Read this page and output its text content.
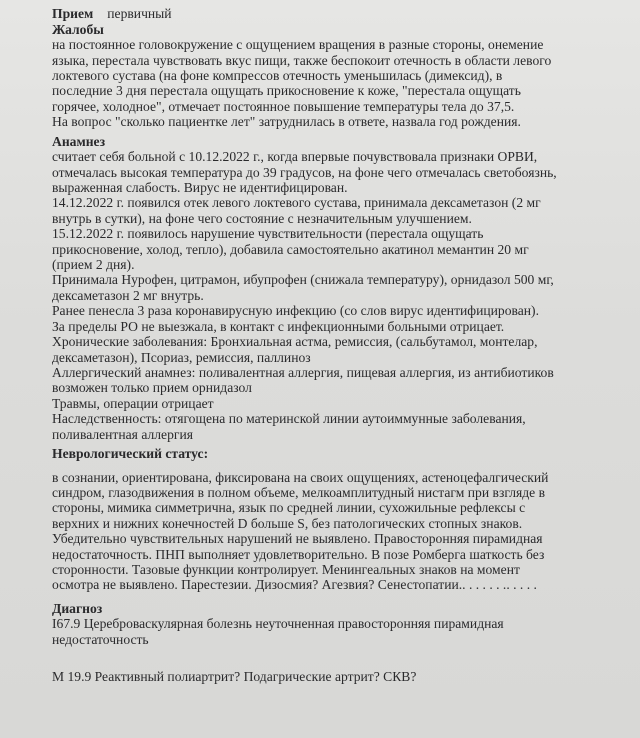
Прием первичный
Жалобы
на постоянное головокружение с ощущением вращения в разные стороны, онемение
языка, перестала чувствовать вкус пищи, также беспокоит отечность в области левого
локтевого сустава (на фоне компрессов отечность уменьшилась (димексид), в
последние 3 дня перестала ощущать прикосновение к коже, "перестала ощущать
горячее, холодное", отмечает постоянное повышение температуры тела до 37,5.
На вопрос "сколько пациентке лет" затруднилась в ответе, назвала год рождения.
Анамнез
считает себя больной с 10.12.2022 г., когда впервые почувствовала признаки ОРВИ,
отмечалась высокая температура до 39 градусов, на фоне чего отмечалась светобоязнь,
выраженная слабость. Вирус не идентифицирован.
14.12.2022 г. появился отек левого локтевого сустава, принимала дексаметазон (2 мг
внутрь в сутки), на фоне чего состояние с незначительным улучшением.
15.12.2022 г. появилось нарушение чувствительности (перестала ощущать
прикосновение, холод, тепло), добавила самостоятельно акатинол мемантин 20 мг
(прием 2 дня).
Принимала Нурофен, цитрамон, ибупрофен (снижала температуру), орнидазол 500 мг,
дексаметазон 2 мг внутрь.
Ранее пенесла 3 раза коронавирусную инфекцию (со слов вирус идентифицирован).
За пределы РО не выезжала, в контакт с инфекционными больными отрицает.
Хронические заболевания: Бронхиальная астма, ремиссия, (сальбутамол, монтелар,
дексаметазон), Псориаз, ремиссия, паллиноз
Аллергический анамнез: поливалентная аллергия, пищевая аллергия, из антибиотиков
возможен только прием орнидазол
Травмы, операции отрицает
Наследственность: отягощена по материнской линии аутоиммунные заболевания,
поливалентная аллергия
Неврологический статус:
в сознании, ориентирована, фиксирована на своих ощущениях, астеноцефалгический
синдром, глазодвижения в полном объеме, мелкоамплитудный нистагм при взгляде в
стороны, мимика симметрична, язык по средней линии, сухожильные рефлексы с
верхних и нижних конечностей D больше S, без патологических стопных знаков.
Убедительно чувствительных нарушений не выявлено. Правосторонняя пирамидная
недостаточность. ПНП выполняет удовлетворительно. В позе Ромберга шаткость без
сторонности. Тазовые функции контролирует. Менингеальных знаков на момент
осмотра не выявлено. Парестезии. Дизосмия? Агезвия? Сенестопатии.. . . . . . .. . . . .
Диагноз
I67.9 Цереброваскулярная болезнь неуточненная правосторонняя пирамидная
недостаточность
М 19.9 Реактивный полиартрит? Подагрические артрит? СКВ?
